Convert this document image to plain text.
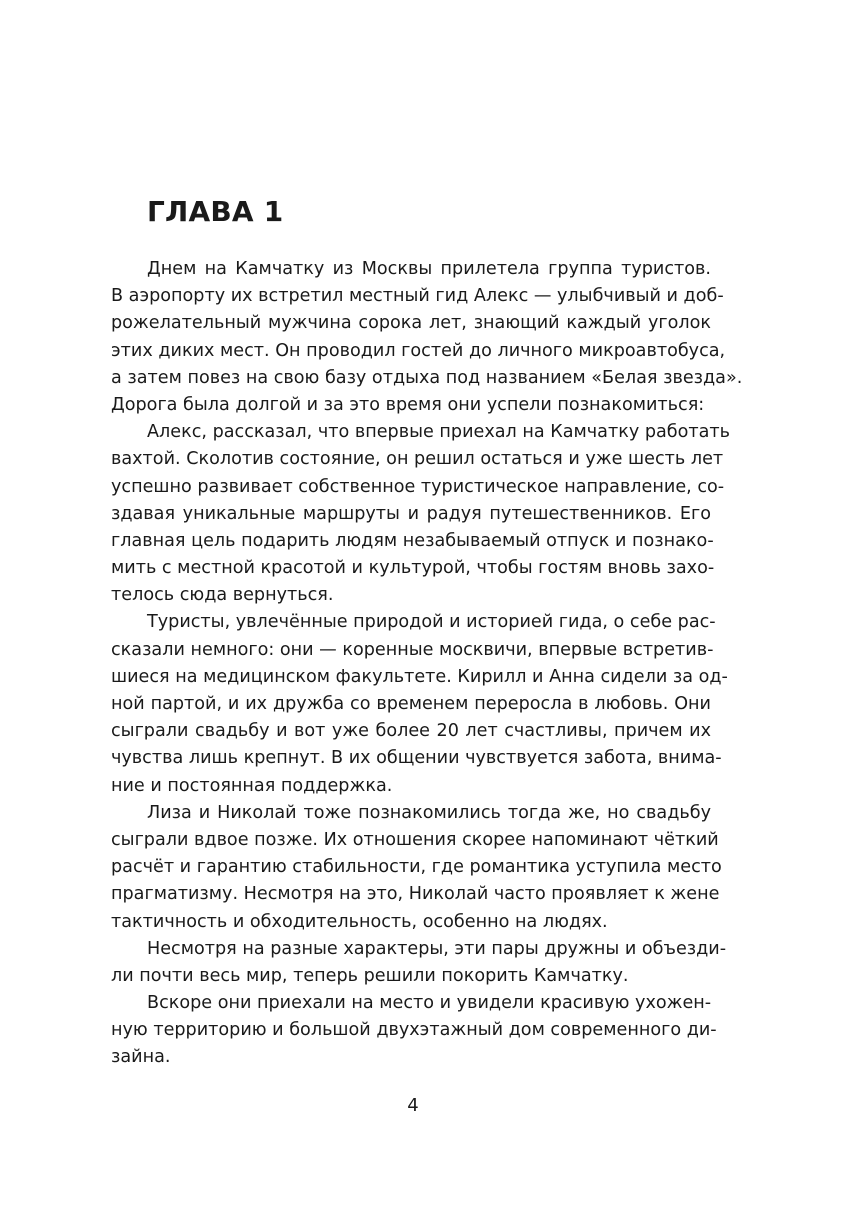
ГЛАВА 1
Днем на Камчатку из Москвы прилетела группа туристов.
В аэропорту их встретил местный гид Алекс — улыбчивый и доб-
рожелательный мужчина сорока лет, знающий каждый уголок
этих диких мест. Он проводил гостей до личного микроавтобуса,
а затем повез на свою базу отдыха под названием «Белая звезда».
Дорога была долгой и за это время они успели познакомиться:
Алекс, рассказал, что впервые приехал на Камчатку работать
вахтой. Сколотив состояние, он решил остаться и уже шесть лет
успешно развивает собственное туристическое направление, со-
здавая уникальные маршруты и радуя путешественников. Его
главная цель подарить людям незабываемый отпуск и познако-
мить с местной красотой и культурой, чтобы гостям вновь захо-
телось сюда вернуться.
Туристы, увлечённые природой и историей гида, о себе рас-
сказали немного: они — коренные москвичи, впервые встретив-
шиеся на медицинском факультете. Кирилл и Анна сидели за од-
ной партой, и их дружба со временем переросла в любовь. Они
сыграли свадьбу и вот уже более 20 лет счастливы, причем их
чувства лишь крепнут. В их общении чувствуется забота, внима-
ние и постоянная поддержка.
Лиза и Николай тоже познакомились тогда же, но свадьбу
сыграли вдвое позже. Их отношения скорее напоминают чёткий
расчёт и гарантию стабильности, где романтика уступила место
прагматизму. Несмотря на это, Николай часто проявляет к жене
тактичность и обходительность, особенно на людях.
Несмотря на разные характеры, эти пары дружны и объезди-
ли почти весь мир, теперь решили покорить Камчатку.
Вскоре они приехали на место и увидели красивую ухожен-
ную территорию и большой двухэтажный дом современного ди-
зайна.
4
